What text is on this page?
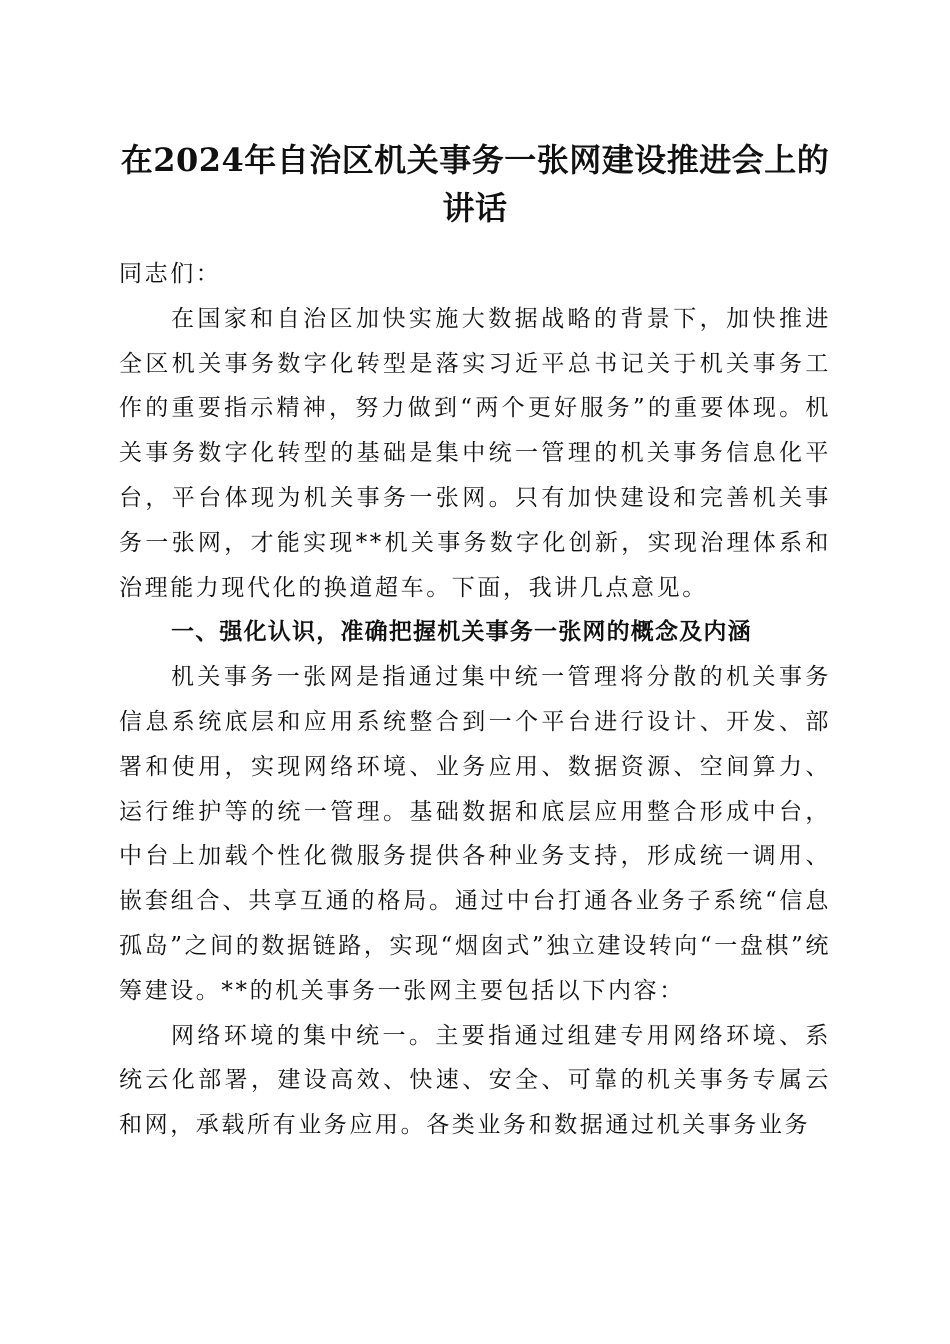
在2024年自治区机关事务一张网建设推进会上的讲话

同志们：

在国家和自治区加快实施大数据战略的背景下，加快推进全区机关事务数字化转型是落实习近平总书记关于机关事务工作的重要指示精神，努力做到“两个更好服务”的重要体现。机关事务数字化转型的基础是集中统一管理的机关事务信息化平台，平台体现为机关事务一张网。只有加快建设和完善机关事务一张网，才能实现**机关事务数字化创新，实现治理体系和治理能力现代化的换道超车。下面，我讲几点意见。

一、强化认识，准确把握机关事务一张网的概念及内涵

机关事务一张网是指通过集中统一管理将分散的机关事务信息系统底层和应用系统整合到一个平台进行设计、开发、部署和使用，实现网络环境、业务应用、数据资源、空间算力、运行维护等的统一管理。基础数据和底层应用整合形成中台，中台上加载个性化微服务提供各种业务支持，形成统一调用、嵌套组合、共享互通的格局。通过中台打通各业务子系统“信息孤岛”之间的数据链路，实现“烟囱式”独立建设转向“一盘棋”统筹建设。**的机关事务一张网主要包括以下内容：

网络环境的集中统一。主要指通过组建专用网络环境、系统云化部署，建设高效、快速、安全、可靠的机关事务专属云和网，承载所有业务应用。各类业务和数据通过机关事务业务
